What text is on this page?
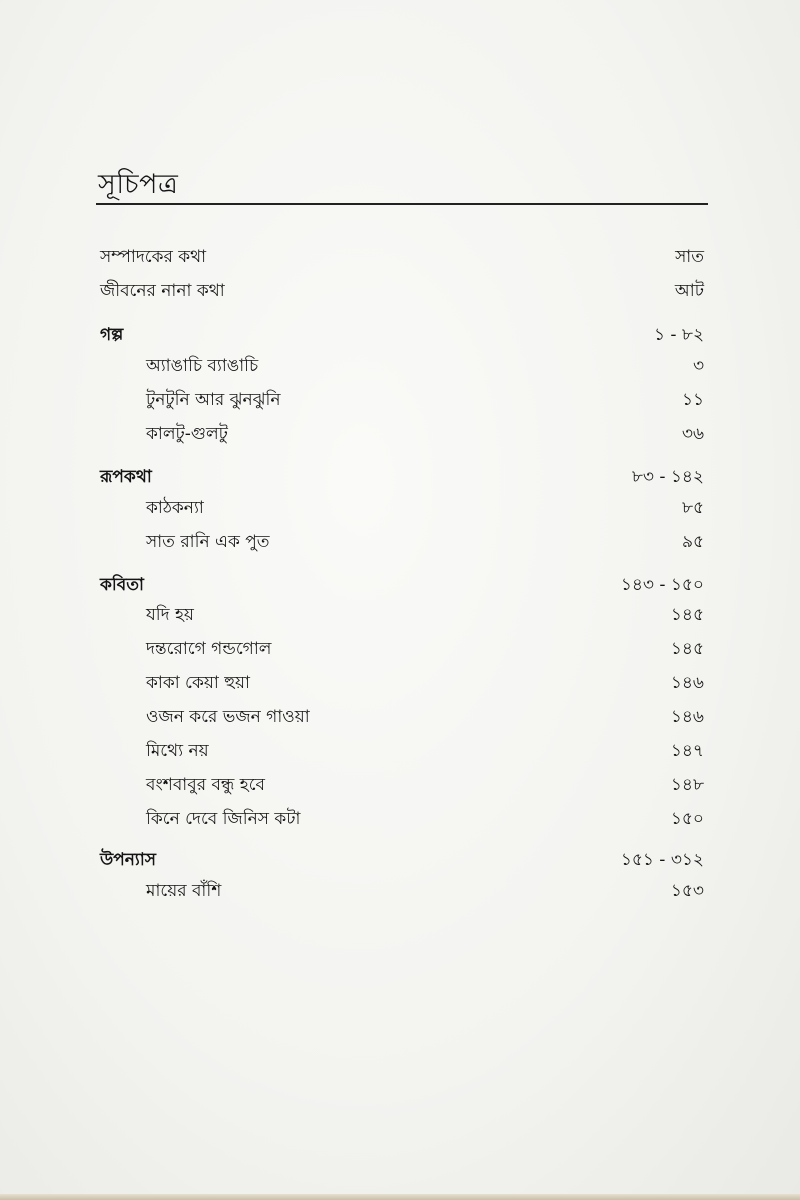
সূচিপত্র
সম্পাদকের কথা	সাত
জীবনের নানা কথা	আট
গল্প	১ - ৮২
অ্যাঙাচি ব্যাঙাচি	৩
টুনটুনি আর ঝুনঝুনি	১১
কালটু-গুলটু	৩৬
রূপকথা	৮৩ - ১৪২
কাঠকন্যা	৮৫
সাত রানি এক পুত	৯৫
কবিতা	১৪৩ - ১৫০
যদি হয়	১৪৫
দন্তরোগে গন্ডগোল	১৪৫
কাকা কেয়া হুয়া	১৪৬
ওজন করে ভজন গাওয়া	১৪৬
মিথ্যে নয়	১৪৭
বংশবাবুর বন্ধু হবে	১৪৮
কিনে দেবে জিনিস কটা	১৫০
উপন্যাস	১৫১ - ৩১২
মায়ের বাঁশি	১৫৩
